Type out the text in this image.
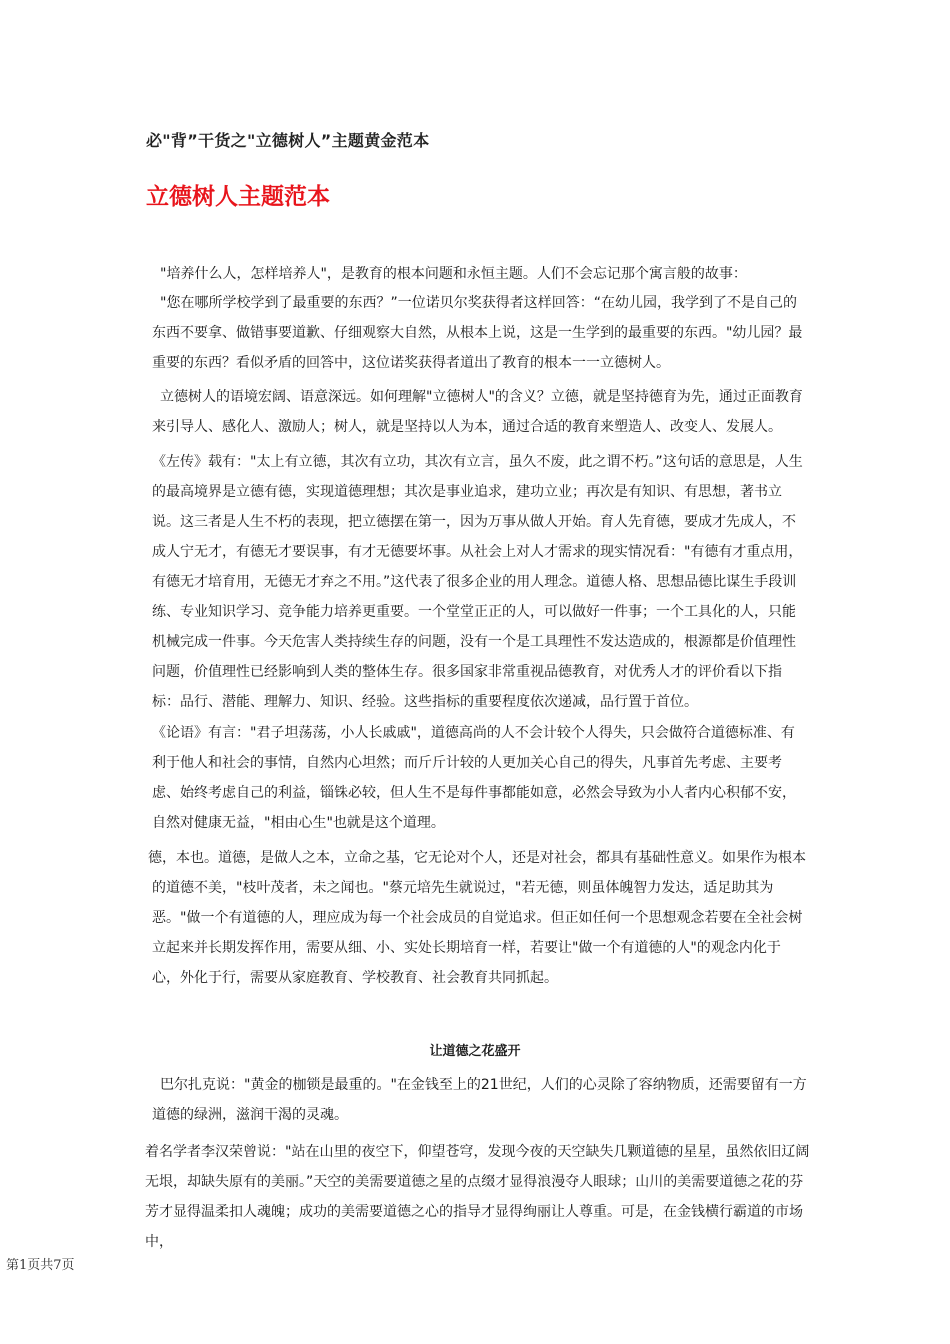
必"背”干货之"立德树人”主题黄金范本
立德树人主题范本

"培养什么人，怎样培养人"，是教育的根本问题和永恒主题。人们不会忘记那个寓言般的故事：

"您在哪所学校学到了最重要的东西？”一位诺贝尔奖获得者这样回答：“在幼儿园，我学到了不是自己的东西不要拿、做错事要道歉、仔细观察大自然，从根本上说，这是一生学到的最重要的东西。"幼儿园？最重要的东西？看似矛盾的回答中，这位诺奖获得者道出了教育的根本一一立德树人。

立德树人的语境宏阔、语意深远。如何理解"立德树人"的含义？立德，就是坚持德育为先，通过正面教育来引导人、感化人、激励人；树人，就是坚持以人为本，通过合适的教育来塑造人、改变人、发展人。

《左传》载有："太上有立德，其次有立功，其次有立言，虽久不废，此之谓不朽。”这句话的意思是，人生的最高境界是立德有德，实现道德理想；其次是事业追求，建功立业；再次是有知识、有思想，著书立说。这三者是人生不朽的表现，把立德摆在第一，因为万事从做人开始。育人先育德，要成才先成人，不成人宁无才，有德无才要误事，有才无德要坏事。从社会上对人才需求的现实情况看："有德有才重点用，有德无才培育用，无德无才弃之不用。”这代表了很多企业的用人理念。道德人格、思想品德比谋生手段训练、专业知识学习、竞争能力培养更重要。一个堂堂正正的人，可以做好一件事；一个工具化的人，只能机械完成一件事。今天危害人类持续生存的问题，没有一个是工具理性不发达造成的，根源都是价值理性问题，价值理性已经影响到人类的整体生存。很多国家非常重视品德教育，对优秀人才的评价看以下指标：品行、潜能、理解力、知识、经验。这些指标的重要程度依次递减，品行置于首位。

《论语》有言："君子坦荡荡，小人长戚戚"，道德高尚的人不会计较个人得失，只会做符合道德标准、有利于他人和社会的事情，自然内心坦然；而斤斤计较的人更加关心自己的得失，凡事首先考虑、主要考虑、始终考虑自己的利益，锱铢必较，但人生不是每件事都能如意，必然会导致为小人者内心积郁不安，自然对健康无益，"相由心生"也就是这个道理。

德，本也。道德，是做人之本，立命之基，它无论对个人，还是对社会，都具有基础性意义。如果作为根本的道德不美，"枝叶茂者，未之闻也。"蔡元培先生就说过，"若无德，则虽体魄智力发达，适足助其为恶。"做一个有道德的人，理应成为每一个社会成员的自觉追求。但正如任何一个思想观念若要在全社会树立起来并长期发挥作用，需要从细、小、实处长期培育一样，若要让"做一个有道德的人"的观念内化于心，外化于行，需要从家庭教育、学校教育、社会教育共同抓起。

让道德之花盛开

巴尔扎克说："黄金的枷锁是最重的。"在金钱至上的21世纪，人们的心灵除了容纳物质，还需要留有一方道德的绿洲，滋润干渴的灵魂。

着名学者李汉荣曾说："站在山里的夜空下，仰望苍穹，发现今夜的天空缺失几颗道德的星星，虽然依旧辽阔无垠，却缺失原有的美丽。”天空的美需要道德之星的点缀才显得浪漫夺人眼球；山川的美需要道德之花的芬芳才显得温柔扣人魂魄；成功的美需要道德之心的指导才显得绚丽让人尊重。可是，在金钱横行霸道的市场中，

第1页共7页
